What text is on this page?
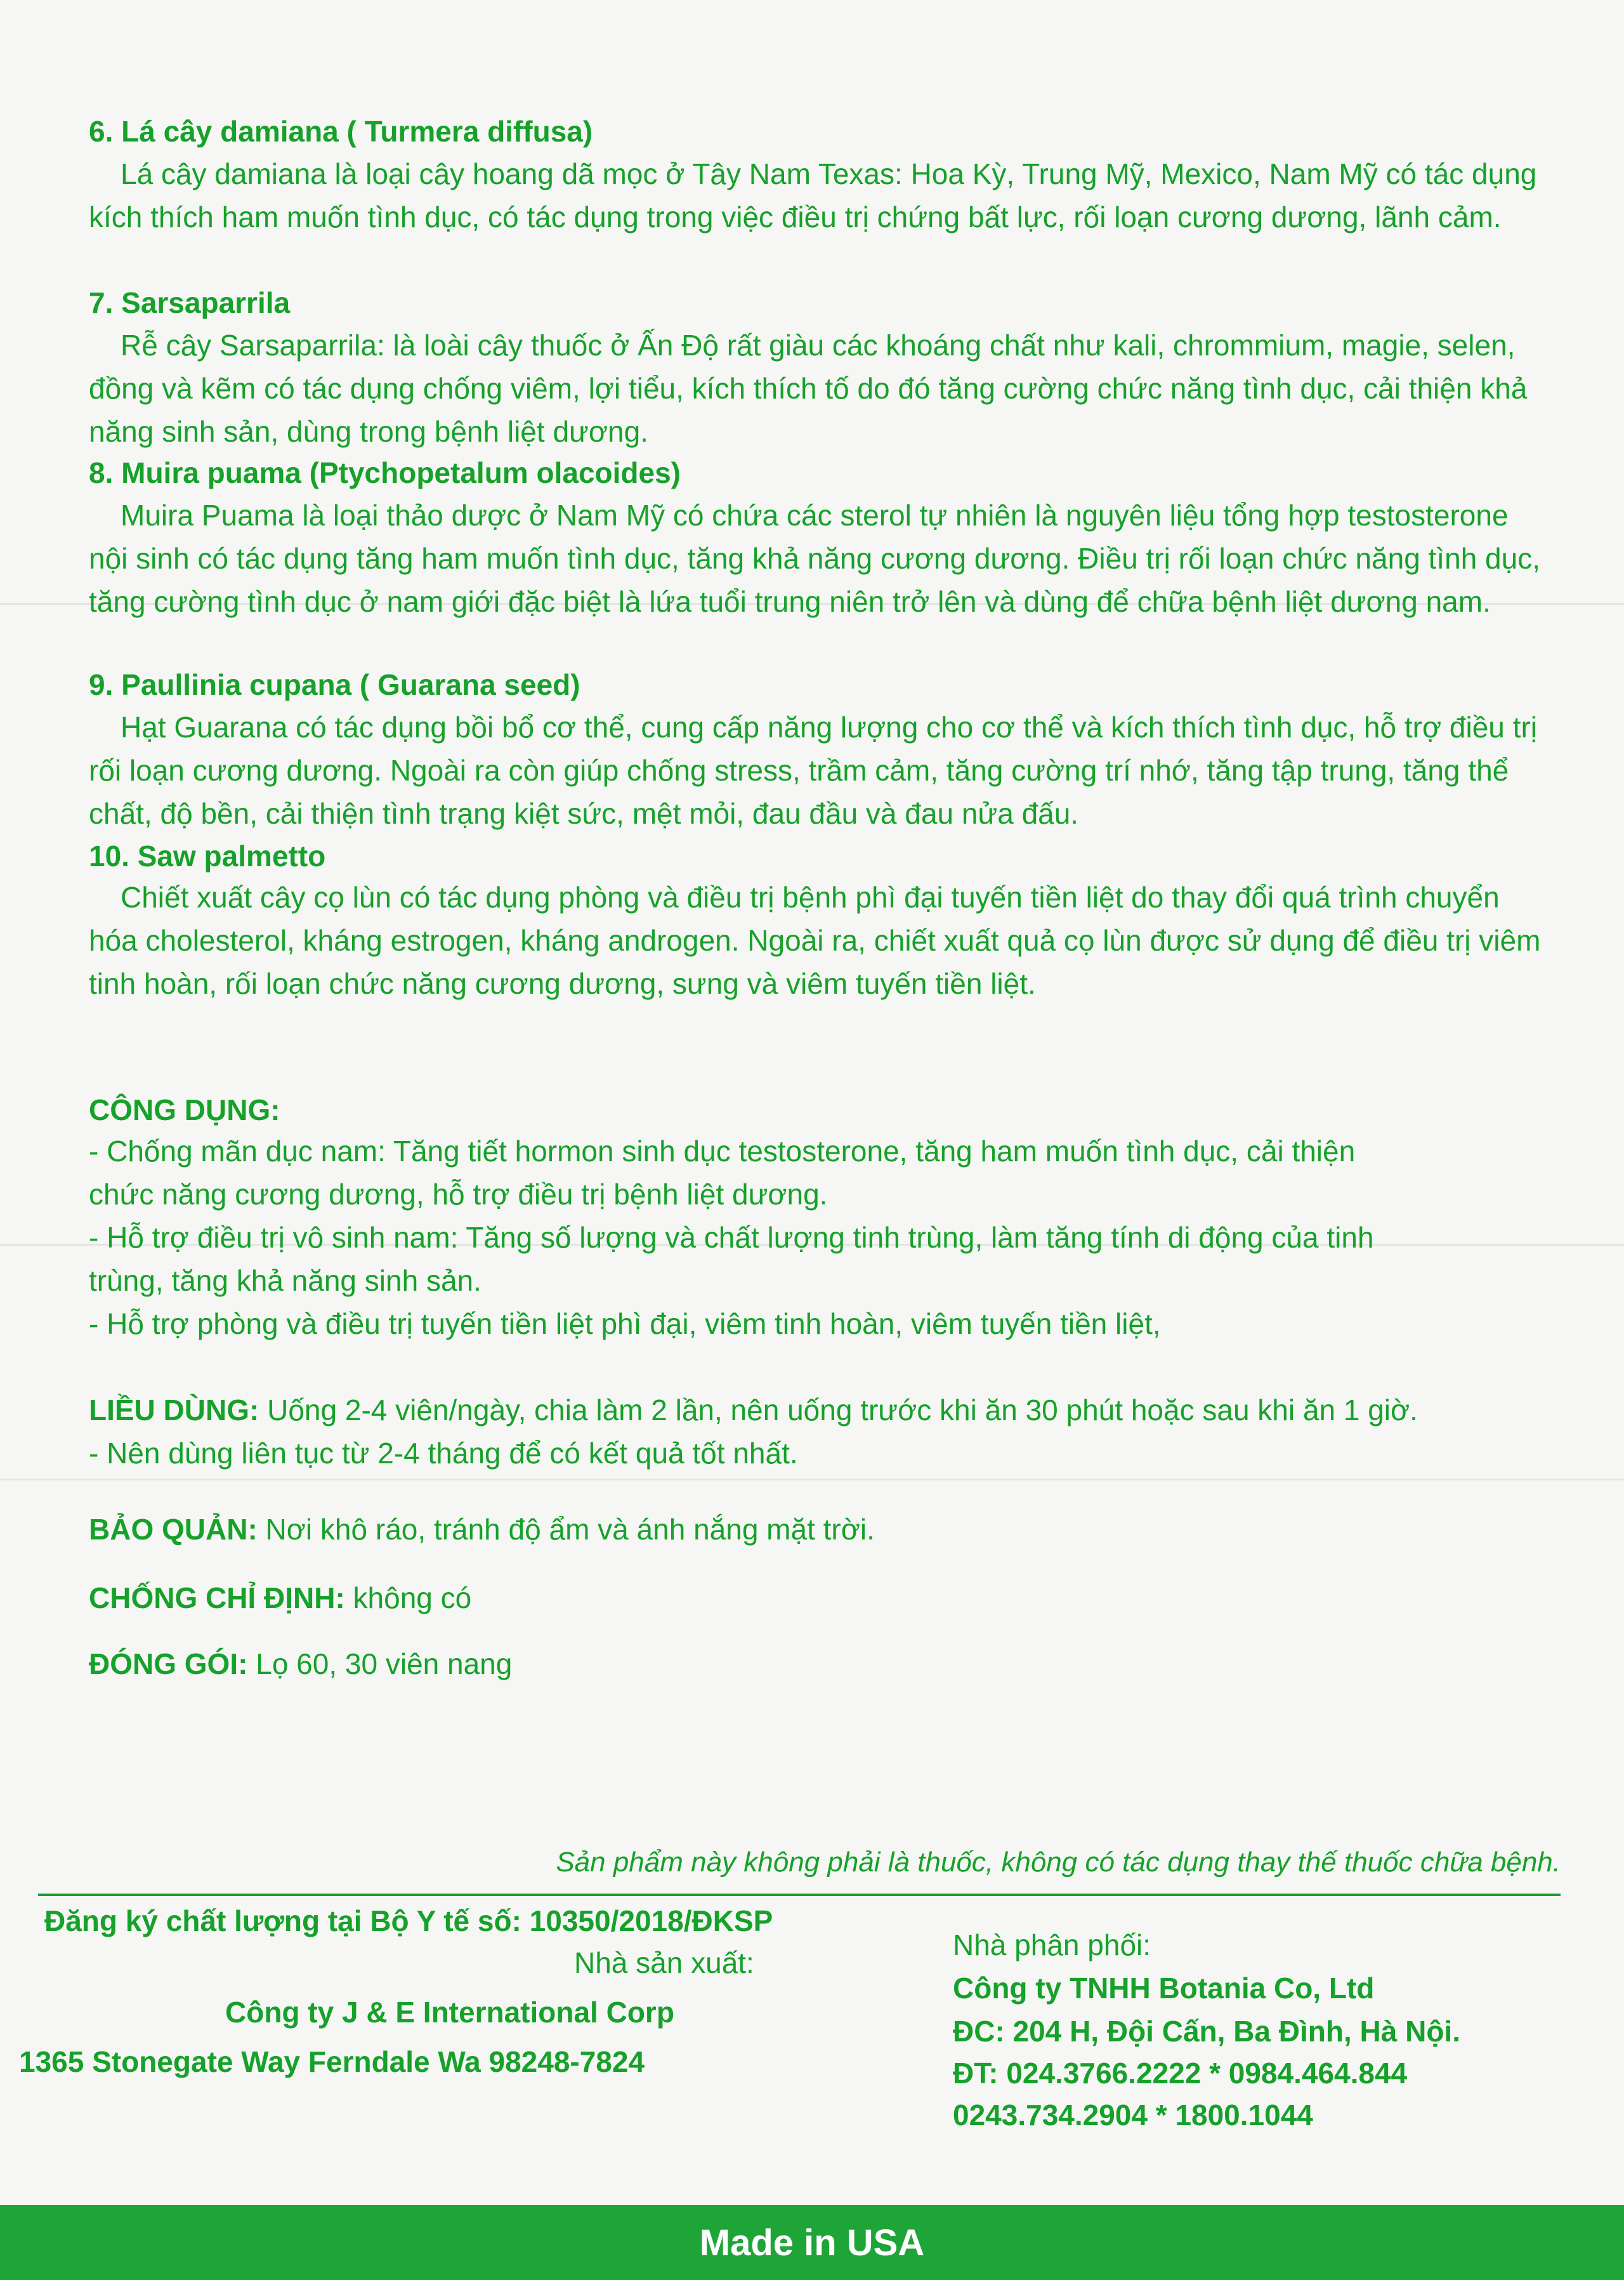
6. Lá cây damiana ( Turmera diffusa)
Lá cây damiana là loại cây hoang dã mọc ở Tây Nam Texas: Hoa Kỳ, Trung Mỹ, Mexico, Nam Mỹ có tác dụng kích thích ham muốn tình dục, có tác dụng trong việc điều trị chứng bất lực, rối loạn cương dương, lãnh cảm.
7. Sarsaparrila
Rễ cây Sarsaparrila: là loài cây thuốc ở Ấn Độ rất giàu các khoáng chất như kali, chrommium, magie, selen, đồng và kẽm có tác dụng chống viêm, lợi tiểu, kích thích tố do đó tăng cường chức năng tình dục, cải thiện khả năng sinh sản, dùng trong bệnh liệt dương.
8. Muira puama (Ptychopetalum olacoides)
Muira Puama là loại thảo dược ở Nam Mỹ có chứa các sterol tự nhiên là nguyên liệu tổng hợp testosterone nội sinh có tác dụng tăng ham muốn tình dục, tăng khả năng cương dương. Điều trị rối loạn chức năng tình dục, tăng cường tình dục ở nam giới đặc biệt là lứa tuổi trung niên trở lên và dùng để chữa bệnh liệt dương nam.
9. Paullinia cupana ( Guarana seed)
Hạt Guarana có tác dụng bồi bổ cơ thể, cung cấp năng lượng cho cơ thể và kích thích tình dục, hỗ trợ điều trị rối loạn cương dương. Ngoài ra còn giúp chống stress, trầm cảm, tăng cường trí nhớ, tăng tập trung, tăng thể chất, độ bền, cải thiện tình trạng kiệt sức, mệt mỏi, đau đầu và đau nửa đấu.
10. Saw palmetto
Chiết xuất cây cọ lùn có tác dụng phòng và điều trị bệnh phì đại tuyến tiền liệt do thay đổi quá trình chuyển hóa cholesterol, kháng estrogen, kháng androgen. Ngoài ra, chiết xuất quả cọ lùn được sử dụng để điều trị viêm tinh hoàn, rối loạn chức năng cương dương, sưng và viêm tuyến tiền liệt.
CÔNG DỤNG:
- Chống mãn dục nam: Tăng tiết hormon sinh dục testosterone, tăng ham muốn tình dục, cải thiện
chức năng cương dương, hỗ trợ điều trị bệnh liệt dương.
- Hỗ trợ điều trị vô sinh nam: Tăng số lượng và chất lượng tinh trùng, làm tăng tính di động của tinh
trùng, tăng khả năng sinh sản.
- Hỗ trợ phòng và điều trị tuyến tiền liệt phì đại, viêm tinh hoàn, viêm tuyến tiền liệt,
LIỀU DÙNG: Uống 2-4 viên/ngày, chia làm 2 lần, nên uống trước khi ăn 30 phút hoặc sau khi ăn 1 giờ.
- Nên dùng liên tục từ 2-4 tháng để có kết quả tốt nhất.
BẢO QUẢN: Nơi khô ráo, tránh độ ẩm và ánh nắng mặt trời.
CHỐNG CHỈ ĐỊNH: không có
ĐÓNG GÓI: Lọ 60, 30 viên nang
Sản phẩm này không phải là thuốc, không có tác dụng thay thế thuốc chữa bệnh.
Đăng ký chất lượng tại Bộ Y tế số: 10350/2018/ĐKSP
Nhà sản xuất:
Công ty J & E International Corp
1365 Stonegate Way Ferndale Wa 98248-7824
Nhà phân phối:
Công ty TNHH Botania Co, Ltd
ĐC: 204 H, Đội Cấn, Ba Đình, Hà Nội.
ĐT: 024.3766.2222 * 0984.464.844
0243.734.2904 * 1800.1044
Made in USA
